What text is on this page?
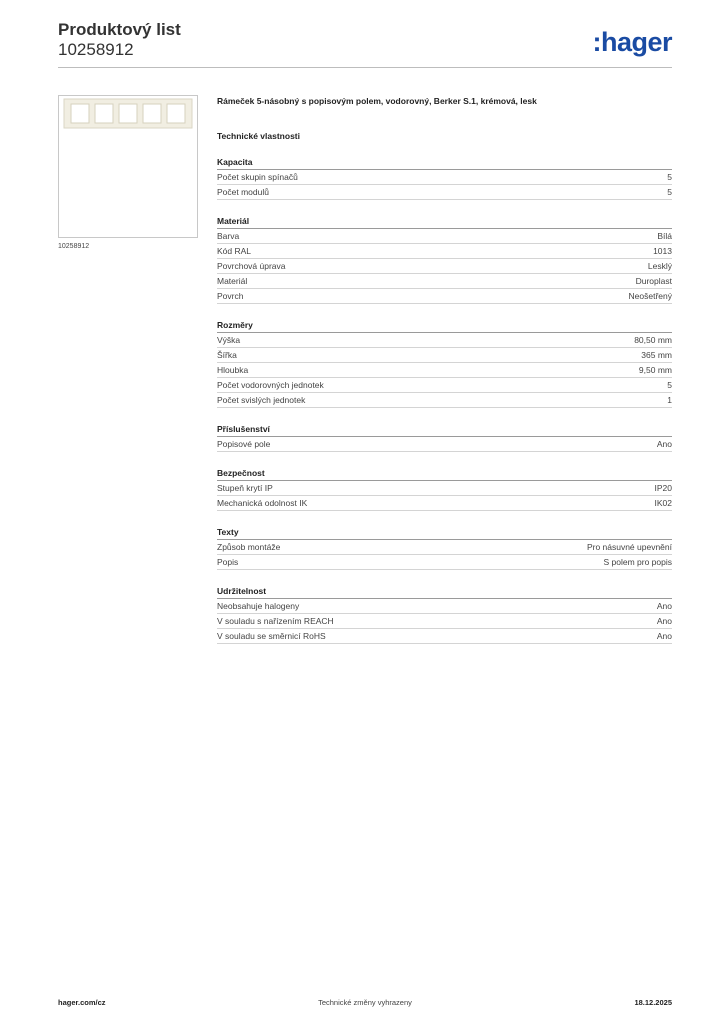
Produktový list
10258912	:hager
10258912
Rámeček 5-násobný s popisovým polem, vodorovný, Berker S.1, krémová, lesk
Technické vlastnosti
Kapacita
Počet skupin spínačů	5
Počet modulů	5
Materiál
Barva	Bílá
Kód RAL	1013
Povrchová úprava	Lesklý
Materiál	Duroplast
Povrch	Neošetřený
Rozměry
Výška	80,50 mm
Šířka	365 mm
Hloubka	9,50 mm
Počet vodorovných jednotek	5
Počet svislých jednotek	1
Příslušenství
Popisové pole	Ano
Bezpečnost
Stupeň krytí IP	IP20
Mechanická odolnost IK	IK02
Texty
Způsob montáže	Pro násuvné upevnění
Popis	S polem pro popis
Udržitelnost
Neobsahuje halogeny	Ano
V souladu s nařízením REACH	Ano
V souladu se směrnicí RoHS	Ano
hager.com/cz	Technické změny vyhrazeny	18.12.2025
